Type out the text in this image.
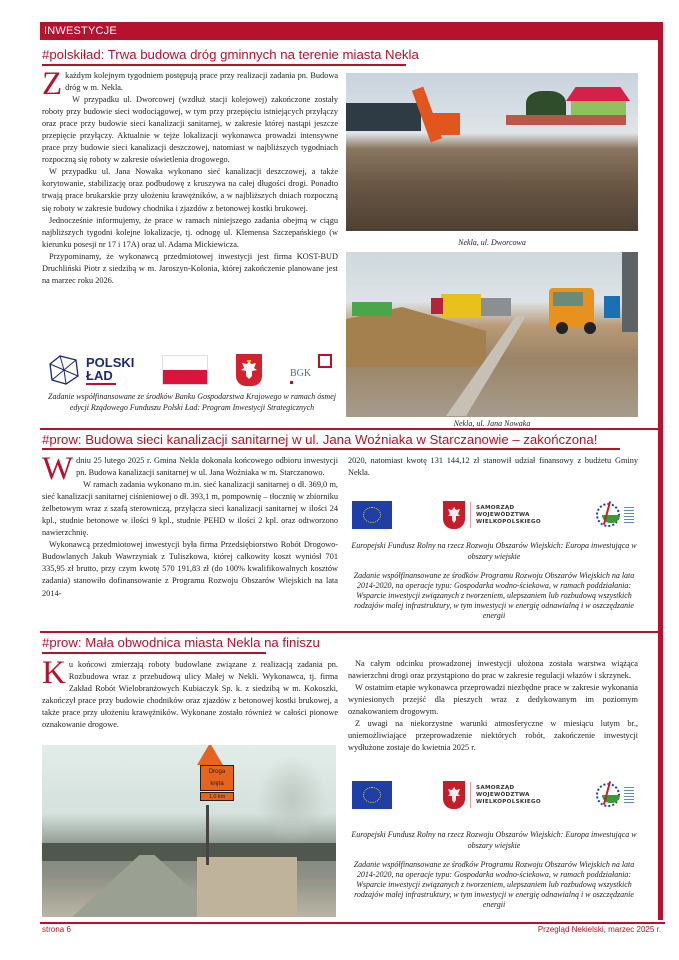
INWESTYCJE
#polskiład: Trwa budowa dróg gminnych na terenie miasta Nekla

Zkażdym kolejnym tygodniem postępują prace przy realizacji zadania pn. Budowa dróg w m. Nekla.

W przypadku ul. Dworcowej (wzdłuż stacji kolejowej) zakończone zostały roboty przy budowie sieci wodociągowej, w tym przy przepięciu istniejących przyłączy oraz prace przy budowie sieci kanalizacji sanitarnej, w zakresie której nastąpi jeszcze przepięcie przyłączy. Aktualnie w tejże lokalizacji wykonawca prowadzi intensywne prace przy budowie sieci kanalizacji deszczowej, natomiast w najbliższych tygodniach rozpoczną się roboty w zakresie oświetlenia drogowego.

W przypadku ul. Jana Nowaka wykonano sieć kanalizacji deszczowej, a także korytowanie, stabilizację oraz podbudowę z kruszywa na całej długości drogi. Ponadto trwają prace brukarskie przy ułożeniu krawężników, a w najbliższych dniach rozpoczną się roboty w zakresie budowy chodnika i zjazdów z betonowej kostki brukowej.

Jednocześnie informujemy, że prace w ramach niniejszego zadania obejmą w ciągu najbliższych tygodni kolejne lokalizacje, tj. odnogę ul. Klemensa Szczepańskiego (w kierunku posesji nr 17 i 17A) oraz ul. Adama Mickiewicza.

Przypominamy, że wykonawcą przedmiotowej inwestycji jest firma KOST-BUD Druchliński Piotr z siedzibą w m. Jaroszyn-Kolonia, której zakończenie planowane jest na marzec roku 2026.

POLSKI
ŁAD	BGK
Zadanie współfinansowane ze środków Banku Gospodarstwa Krajowego w ramach ósmej edycji Rządowego Funduszu Polski Ład: Program Inwestycji Strategicznych
Nekla, ul. Dworcowa
Nekla, ul. Jana Nowaka
#prow: Budowa sieci kanalizacji sanitarnej w ul. Jana Woźniaka w Starczanowie – zakończona!

Wdniu 25 lutego 2025 r. Gmina Nekla dokonała końcowego odbioru inwestycji pn. Budowa kanalizacji sanitarnej w ul. Jana Woźniaka w m. Starczanowo.

W ramach zadania wykonano m.in. sieć kanalizacji sanitarnej o dł. 369,0 m, sieć kanalizacji sanitarnej ciśnieniowej o dł. 393,1 m, pompownię – tłocznię w zbiorniku żelbetowym wraz z szafą sterowniczą, przyłącza sieci kanalizacji sanitarnej w ilości 24 kpl., studnie betonowe w ilości 9 kpl., studnie PEHD w ilości 2 kpl. oraz odtworzono nawierzchnię.

Wykonawcą przedmiotowej inwestycji była firma Przedsiębiorstwo Robót Drogowo-Budowlanych Jakub Wawrzyniak z Tuliszkowa, której całkowity koszt wyniósł 701 335,95 zł brutto, przy czym kwotę 570 191,83 zł (do 100% kwalifikowalnych kosztów zadania) stanowiło dofinansowanie z Programu Rozwoju Obszarów Wiejskich na lata 2014-

2020, natomiast kwotę 131 144,12 zł stanowił udział finansowy z budżetu Gminy Nekla.

SAMORZĄD
WOJEWÓDZTWA
WIELKOPOLSKIEGO
Europejski Fundusz Rolny na rzecz Rozwoju Obszarów Wiejskich: Europa inwestująca w obszary wiejskie
Zadanie współfinansowane ze środków Programu Rozwoju Obszarów Wiejskich na lata 2014-2020, na operacje typu: Gospodarka wodno-ściekowa, w ramach poddziałania: Wsparcie inwestycji związanych z tworzeniem, ulepszaniem lub rozbudową wszystkich rodzajów małej infrastruktury, w tym inwestycji w energię odnawialną i w oszczędzanie energii
#prow: Mała obwodnica miasta Nekla na finiszu

Ku końcowi zmierzają roboty budowlane związane z realizacją zadania pn. Rozbudowa wraz z przebudową ulicy Małej w Nekli. Wykonawca, tj. firma Zakład Robót Wielobranżowych Kubiaczyk Sp. k. z siedzibą w m. Kokoszki, zakończył prace przy budowie chodników oraz zjazdów z betonowej kostki brukowej, a także prace przy ułożeniu krawężników. Wykonane zostało również w całości pionowe oznakowanie drogowe.

Droga
kręta
1,0 km

Na całym odcinku prowadzonej inwestycji ułożona została warstwa wiążąca nawierzchni drogi oraz przystąpiono do prac w zakresie regulacji włazów i skrzynek.

W ostatnim etapie wykonawca przeprowadzi niezbędne prace w zakresie wykonania wyniesionych przejść dla pieszych wraz z dedykowanym im poziomym oznakowaniem drogowym.

Z uwagi na niekorzystne warunki atmosferyczne w miesiącu lutym br., uniemożliwiające przeprowadzenie niektórych robót, zakończenie inwestycji wydłużone zostaje do kwietnia 2025 r.

SAMORZĄD
WOJEWÓDZTWA
WIELKOPOLSKIEGO
Europejski Fundusz Rolny na rzecz Rozwoju Obszarów Wiejskich: Europa inwestująca w obszary wiejskie
Zadanie współfinansowane ze środków Programu Rozwoju Obszarów Wiejskich na lata 2014-2020, na operacje typu: Gospodarka wodno-ściekowa, w ramach poddziałania: Wsparcie inwestycji związanych z tworzeniem, ulepszaniem lub rozbudową wszystkich rodzajów małej infrastruktury, w tym inwestycji w energię odnawialną i w oszczędzanie energii
strona 6	Przegląd Nekielski, marzec 2025 r.
